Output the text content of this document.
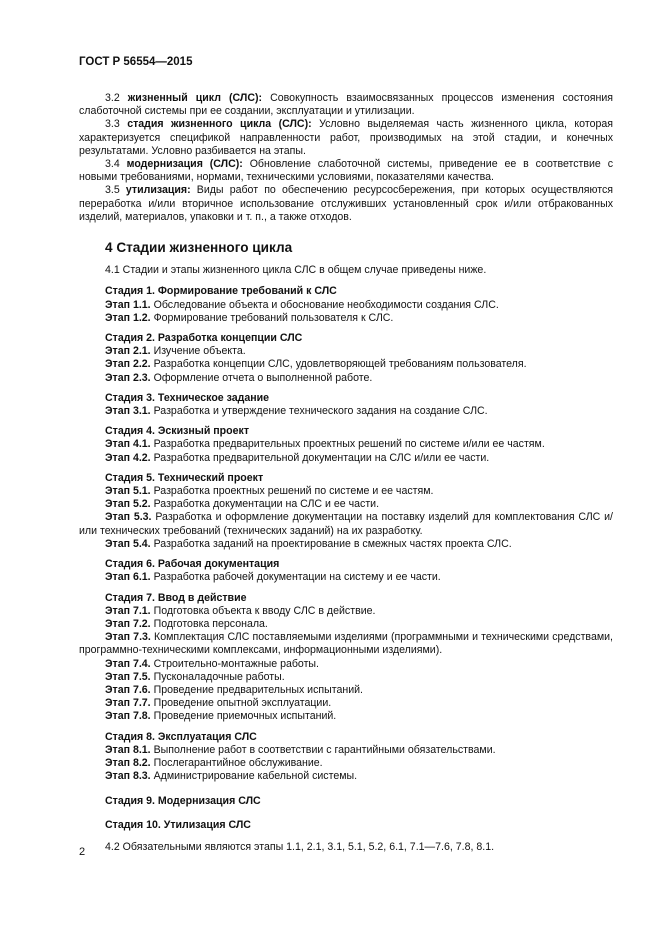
ГОСТ Р 56554—2015

3.2 жизненный цикл (СЛС): Совокупность взаимосвязанных процессов изменения состояния слаботочной системы при ее создании, эксплуатации и утилизации.

3.3 стадия жизненного цикла (СЛС): Условно выделяемая часть жизненного цикла, которая характеризуется спецификой направленности работ, производимых на этой стадии, и конечных результатами. Условно разбивается на этапы.

3.4 модернизация (СЛС): Обновление слаботочной системы, приведение ее в соответствие с новыми требованиями, нормами, техническими условиями, показателями качества.

3.5 утилизация: Виды работ по обеспечению ресурсосбережения, при которых осуществляются переработка и/или вторичное использование отслуживших установленный срок и/или отбракованных изделий, материалов, упаковки и т. п., а также отходов.

4 Стадии жизненного цикла

4.1 Стадии и этапы жизненного цикла СЛС в общем случае приведены ниже.

Стадия 1. Формирование требований к СЛС
Этап 1.1. Обследование объекта и обоснование необходимости создания СЛС.
Этап 1.2. Формирование требований пользователя к СЛС.
Стадия 2. Разработка концепции СЛС
Этап 2.1. Изучение объекта.
Этап 2.2. Разработка концепции СЛС, удовлетворяющей требованиям пользователя.
Этап 2.3. Оформление отчета о выполненной работе.
Стадия 3. Техническое задание
Этап 3.1. Разработка и утверждение технического задания на создание СЛС.
Стадия 4. Эскизный проект
Этап 4.1. Разработка предварительных проектных решений по системе и/или ее частям.
Этап 4.2. Разработка предварительной документации на СЛС и/или ее части.
Стадия 5. Технический проект
Этап 5.1. Разработка проектных решений по системе и ее частям.
Этап 5.2. Разработка документации на СЛС и ее части.
Этап 5.3. Разработка и оформление документации на поставку изделий для комплектования СЛС и/или технических требований (технических заданий) на их разработку.
Этап 5.4. Разработка заданий на проектирование в смежных частях проекта СЛС.
Стадия 6. Рабочая документация
Этап 6.1. Разработка рабочей документации на систему и ее части.
Стадия 7. Ввод в действие
Этап 7.1. Подготовка объекта к вводу СЛС в действие.
Этап 7.2. Подготовка персонала.
Этап 7.3. Комплектация СЛС поставляемыми изделиями (программными и техническими средствами, программно-техническими комплексами, информационными изделиями).
Этап 7.4. Строительно-монтажные работы.
Этап 7.5. Пусконаладочные работы.
Этап 7.6. Проведение предварительных испытаний.
Этап 7.7. Проведение опытной эксплуатации.
Этап 7.8. Проведение приемочных испытаний.
Стадия 8. Эксплуатация СЛС
Этап 8.1. Выполнение работ в соответствии с гарантийными обязательствами.
Этап 8.2. Послегарантийное обслуживание.
Этап 8.3. Администрирование кабельной системы.
Стадия 9. Модернизация СЛС
Стадия 10. Утилизация СЛС

4.2 Обязательными являются этапы 1.1, 2.1, 3.1, 5.1, 5.2, 6.1, 7.1—7.6, 7.8, 8.1.

2
